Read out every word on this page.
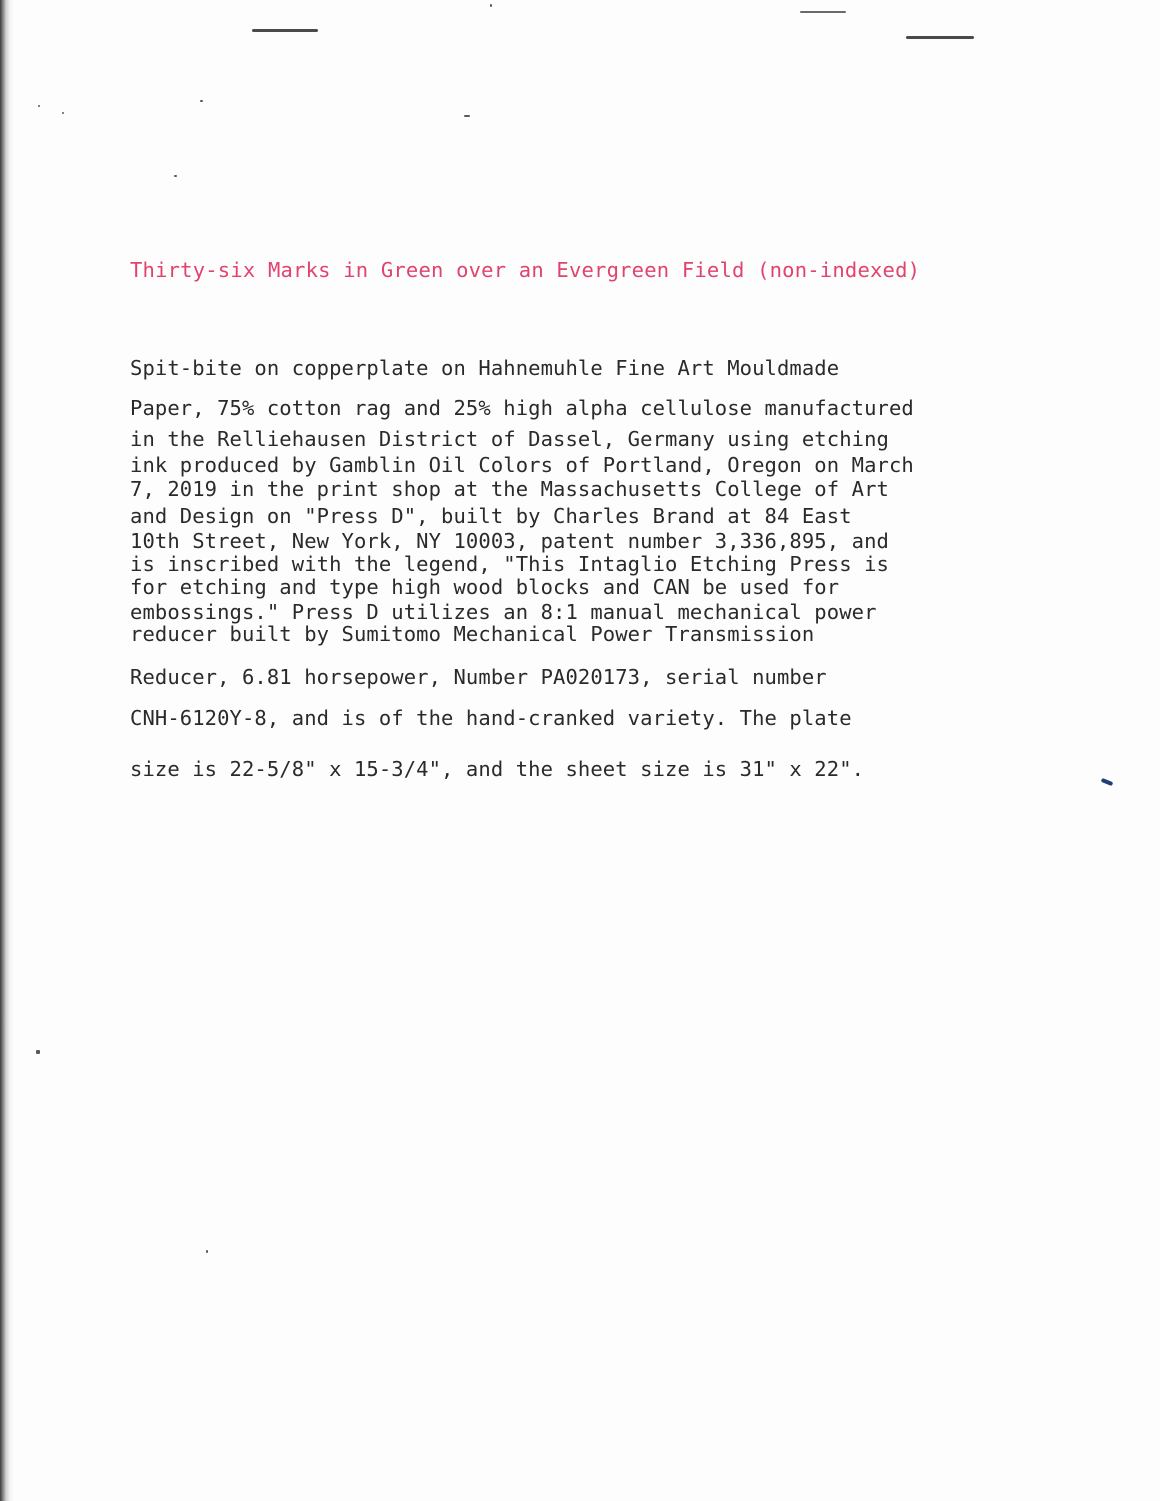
Thirty-six Marks in Green over an Evergreen Field (non-indexed)

Spit-bite on copperplate on Hahnemuhle Fine Art Mouldmade

Paper, 75% cotton rag and 25% high alpha cellulose manufactured

in the Relliehausen District of Dassel, Germany using etching

ink produced by Gamblin Oil Colors of Portland, Oregon on March

7, 2019 in the print shop at the Massachusetts College of Art

and Design on "Press D", built by Charles Brand at 84 East

10th Street, New York, NY 10003, patent number 3,336,895, and

is inscribed with the legend, "This Intaglio Etching Press is

for etching and type high wood blocks and CAN be used for

embossings." Press D utilizes an 8:1 manual mechanical power

reducer built by Sumitomo Mechanical Power Transmission

Reducer, 6.81 horsepower, Number PA020173, serial number

CNH-6120Y-8, and is of the hand-cranked variety. The plate

size is 22-5/8" x 15-3/4", and the sheet size is 31" x 22".
